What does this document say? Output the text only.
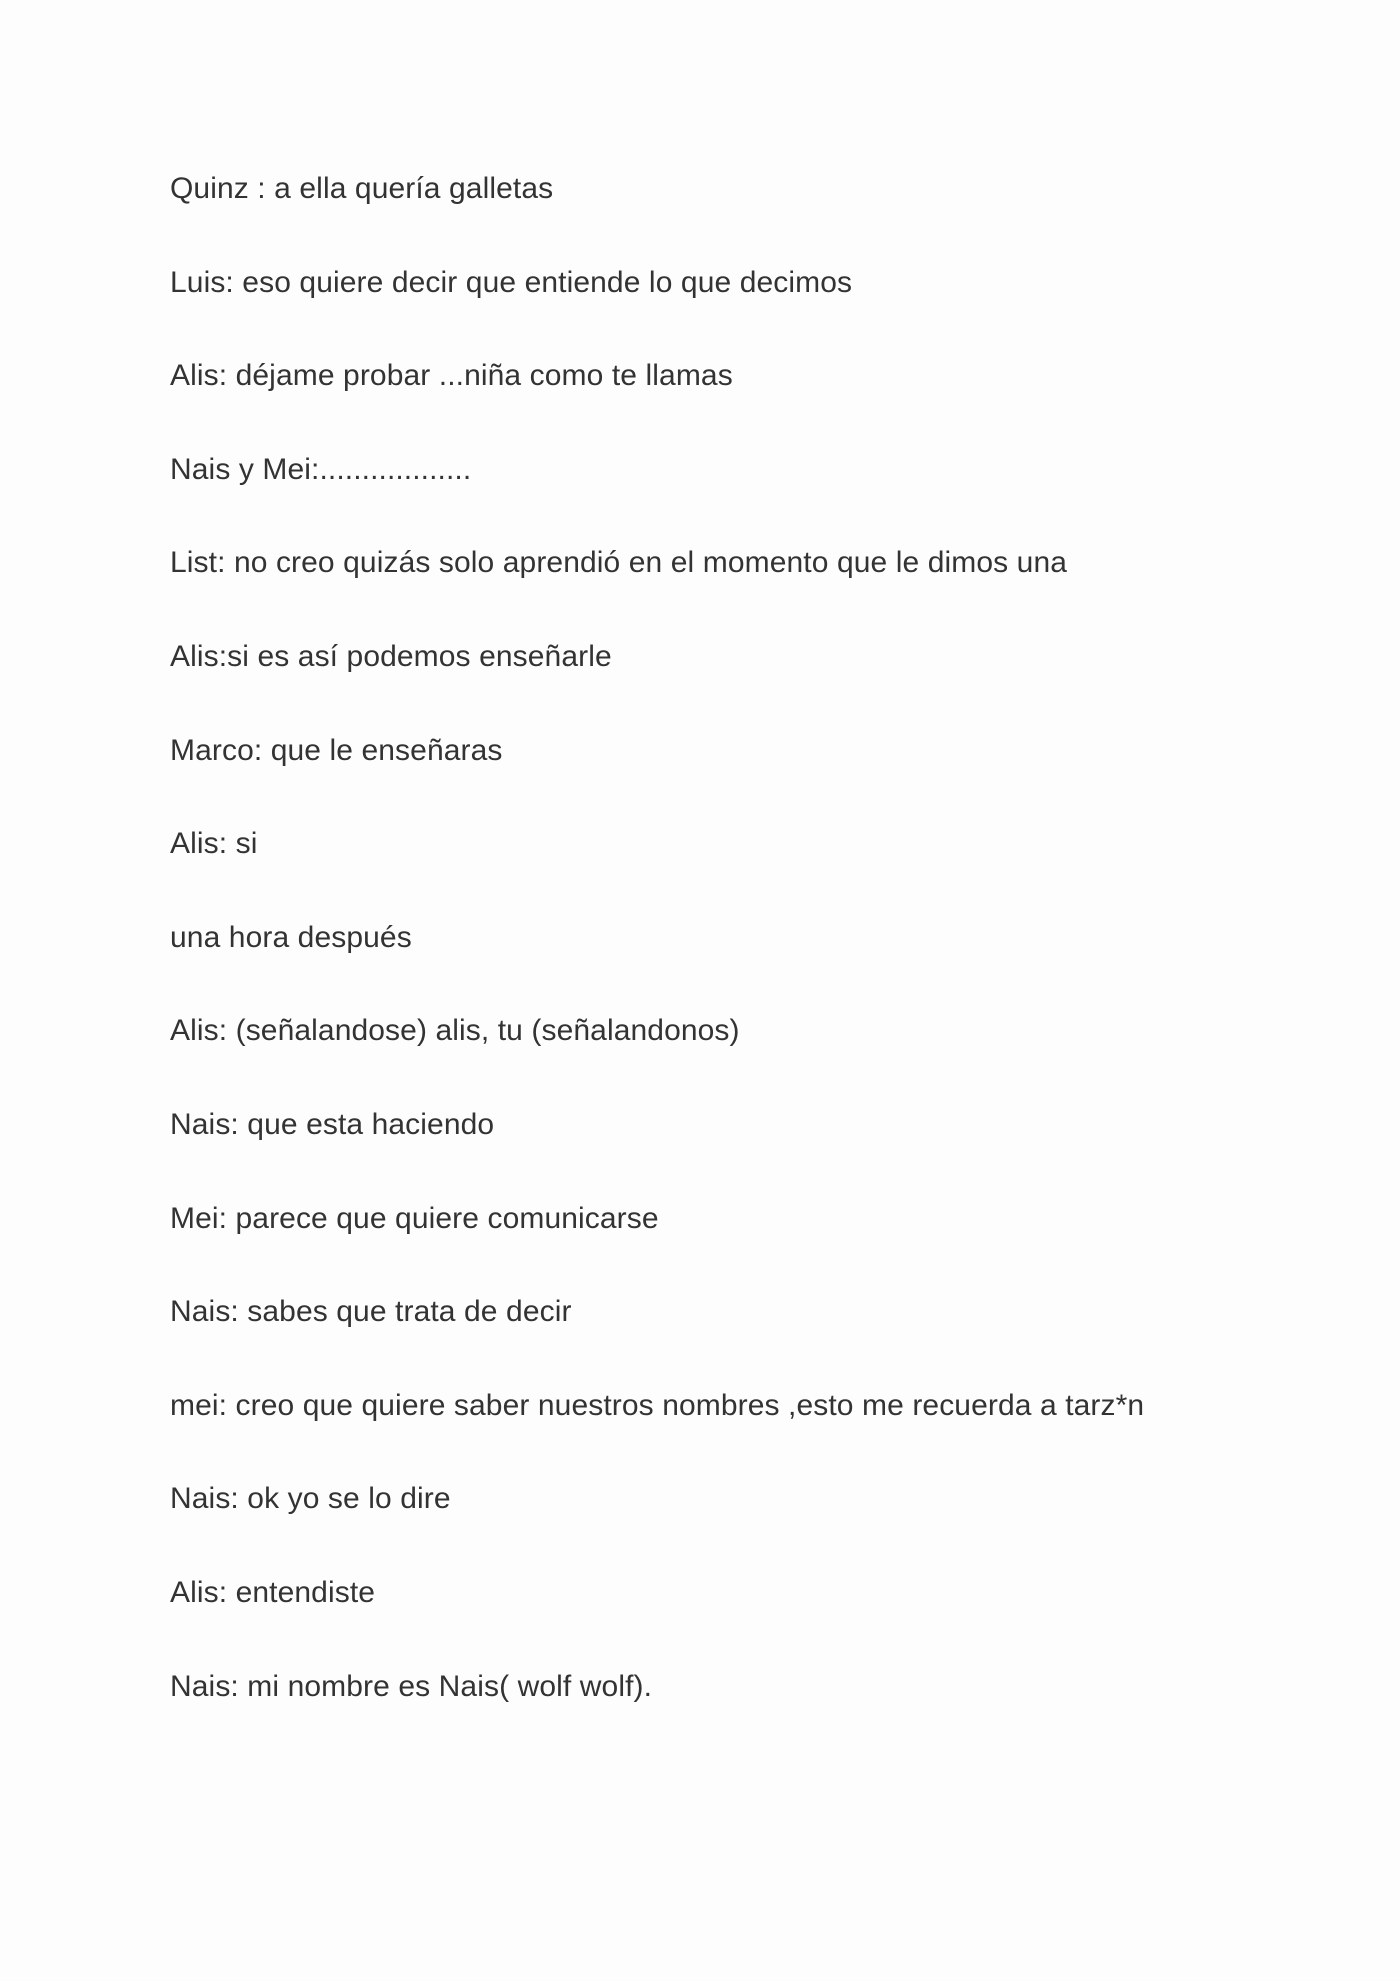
Quinz : a ella quería galletas
Luis: eso quiere decir que entiende lo que decimos
Alis: déjame probar ...niña como te llamas
Nais y Mei:..................
List: no creo quizás solo aprendió en el momento que le dimos una
Alis:si es así podemos enseñarle
Marco: que le enseñaras
Alis: si
una hora después
Alis: (señalandose) alis, tu (señalandonos)
Nais: que esta haciendo
Mei: parece que quiere comunicarse
Nais: sabes que trata de decir
mei: creo que quiere saber nuestros nombres ,esto me recuerda a tarz*n
Nais: ok yo se lo dire
Alis: entendiste
Nais: mi nombre es Nais( wolf wolf).
